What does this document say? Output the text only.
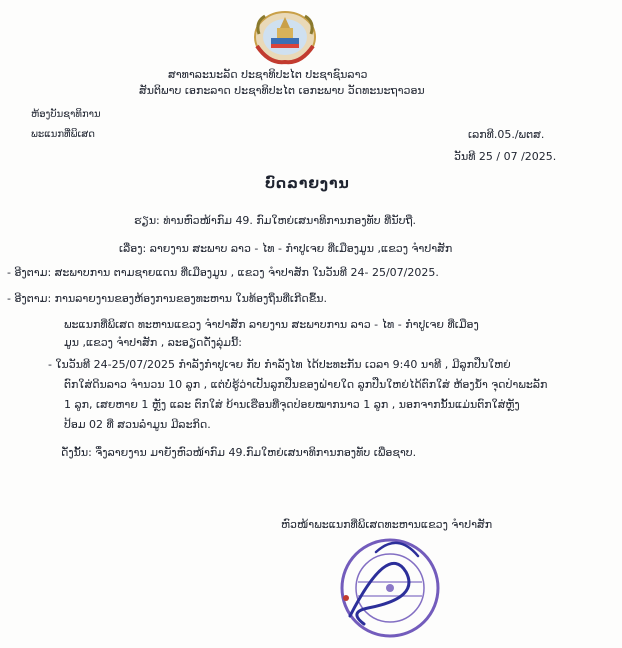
ສາທາລະນະລັດ ປະຊາທິປະໄຕ ປະຊາຊົນລາວ
ສັນຕິພາບ ເອກະລາດ ປະຊາທິປະໄຕ ເອກະພາບ ວັດທະນະຖາວອນ
ຫ້ອງບັນຊາທິການ
ພະແນກທີ່ພິເສດ	ເລກທີ.05./ພຕສ.
ວັນທີ 25 / 07 /2025.
ບົດລາຍງານ
ຮຽນ: ທ່ານຫົວໜ້າກົມ 49. ກົມໃຫຍ່ເສນາທິການກອງທັບ ທີ່ນັບຖື.
ເລື່ອງ: ລາຍງານ ສະພາບ ລາວ - ໄທ - ກຳປູເຈຍ ທີ່ເມືອງມູນ ,ແຂວງ ຈຳປາສັກ
- ອີງຕາມ: ສະພາບການ ຕາມຊາຍແດນ ທີ່ເມືອງມູນ , ແຂວງ ຈຳປາສັກ ໃນວັນທີ 24- 25/07/2025.
- ອີງຕາມ: ການລາຍງານຂອງຫ້ອງການຂອງທະຫານ ໃນທ້ອງຖິ່ນທີ່ເກີດຂຶ້ນ.
ພະແນກທີ່ພິເສດ ທະຫານແຂວງ ຈຳປາສັກ ລາຍງານ ສະພາບການ ລາວ - ໄທ - ກຳປູເຈຍ ທີ່ເມືອງ
ມູນ ,ແຂວງ ຈຳປາສັກ , ລະອຽດດັ່ງລຸ່ມນີ້:
- ໃນວັນທີ 24-25/07/2025 ກຳລັງກຳປູເຈຍ ກັບ ກຳລັງໄທ ໄດ້ປະທະກັນ ເວລາ 9:40 ນາທີ , ມີລູກປືນໃຫຍ່
ຕົກໃສ່ດິນລາວ ຈຳນວນ 10 ລູກ , ແຕ່ບໍ່ຮູ້ວ່າເປັນລູກປືນຂອງຝ່າຍໃດ ລູກປືນໃຫຍ່ໄດ້ຕົກໃສ່ ຫ້ອງນ້ຳ ຈຸດປ່າພະລັກ
1 ລູກ, ເສຍຫາຍ 1 ຫຼັງ ແລະ ຕົກໃສ່ ບ້ານເຮືອນທີ່ຈຸດປ່ອຍໝາກນາວ 1 ລູກ , ນອກຈາກນັ້ນແມ່ນຕົກໃສ່ຫຼັງ
ປ້ອມ 02 ທີ່ ສວນລຳມູນ ມີລະກິດ.
ດັ່ງນັ້ນ: ຈຶ່ງລາຍງານ ມາຍັງຫົວໜ້າກົມ 49.ກົມໃຫຍ່ເສນາທິການກອງທັບ ເພື່ອຊາບ.
ຫົວໜ້າພະແນກທີ່ພິເສດທະຫານແຂວງ ຈຳປາສັກ
